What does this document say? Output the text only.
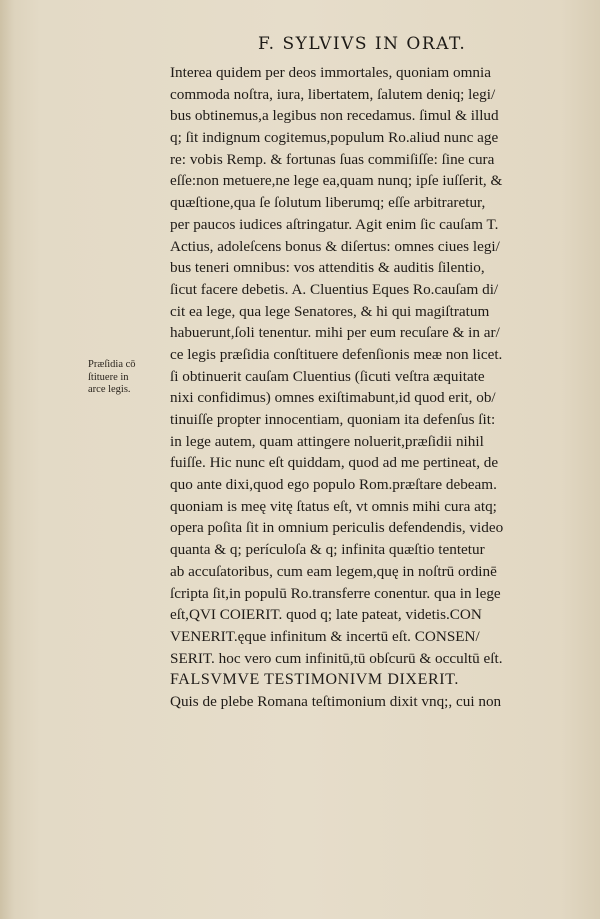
F. SYLVIVS IN ORAT.
Præſidia cō
ſtituere in
arce legis.
Interea quidem per deos immortales, quoniam omnia
commoda noſtra, iura, libertatem, ſalutem deniq; legi/
bus obtinemus,a legibus non recedamus. ſimul & illud
q; ſit indignum cogitemus,populum Ro.aliud nunc age
re: vobis Remp. & fortunas ſuas commiſiſſe: ſine cura
eſſe:non metuere,ne lege ea,quam nunq; ipſe iuſſerit, &
quæſtione,qua ſe ſolutum liberumq; eſſe arbitraretur,
per paucos iudices aſtringatur. Agit enim ſic cauſam T.
Actius, adoleſcens bonus & diſertus: omnes ciues legi/
bus teneri omnibus: vos attenditis & auditis ſilentio,
ſicut facere debetis. A. Cluentius Eques Ro.cauſam di/
cit ea lege, qua lege Senatores, & hi qui magiſtratum
habuerunt,ſoli tenentur. mihi per eum recuſare & in ar/
ce legis præſidia conſtituere defenſionis meæ non licet.
ſi obtinuerit cauſam Cluentius (ſicuti veſtra æquitate
nixi confidimus) omnes exiſtimabunt,id quod erit, ob/
tinuiſſe propter innocentiam, quoniam ita defenſus ſit:
in lege autem, quam attingere noluerit,præſidii nihil
fuiſſe. Hic nunc eſt quiddam, quod ad me pertineat, de
quo ante dixi,quod ego populo Rom.præſtare debeam.
quoniam is meę vitę ſtatus eſt, vt omnis mihi cura atq;
opera poſita ſit in omnium periculis defendendis, video
quanta & q; perículoſa & q; infinita quæſtio tentetur
ab accuſatoribus, cum eam legem,quę in noſtrū ordinē
ſcripta ſit,in populū Ro.transferre conentur. qua in lege
eſt,QVI COIERIT. quod q; late pateat, videtis.CON
VENERIT.ęque infinitum & incertū eſt. CONSEN/
SERIT. hoc vero cum infinitū,tū obſcurū & occultū eſt.
FALSVMVE TESTIMONIVM DIXERIT.
Quis de plebe Romana teſtimonium dixit vnq;, cui non
